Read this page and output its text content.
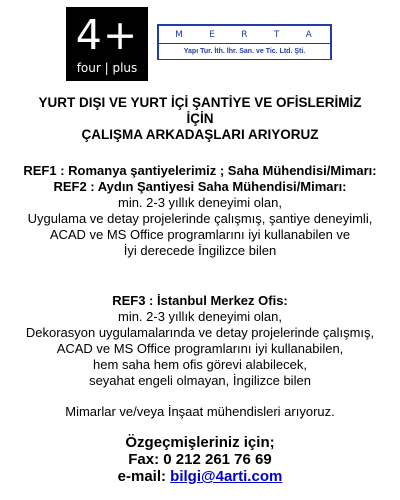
4+
four | plus
M	E	R	T	A
Yapı Tur. İth. İhr. San. ve Tic. Ltd. Şti.
YURT DIŞI VE YURT İÇİ ŞANTİYE VE OFİSLERİMİZ
İÇİN
ÇALIŞMA ARKADAŞLARI ARIYORUZ
REF1 : Romanya şantiyelerimiz ; Saha Mühendisi/Mimarı:
REF2 : Aydın Şantiyesi Saha Mühendisi/Mimarı:
min. 2-3 yıllık deneyimi olan,
Uygulama ve detay projelerinde çalışmış, şantiye deneyimli,
ACAD ve MS Office programlarını iyi kullanabilen ve
İyi derecede İngilizce bilen
REF3 : İstanbul Merkez Ofis:
min. 2-3 yıllık deneyimi olan,
Dekorasyon uygulamalarında ve detay projelerinde çalışmış,
ACAD ve MS Office programlarını iyi kullanabilen,
hem saha hem ofis görevi alabilecek,
seyahat engeli olmayan, İngilizce bilen
Mimarlar ve/veya İnşaat mühendisleri arıyoruz.
Özgeçmişleriniz için;
Fax: 0 212 261 76 69
e-mail: bilgi@4arti.com
